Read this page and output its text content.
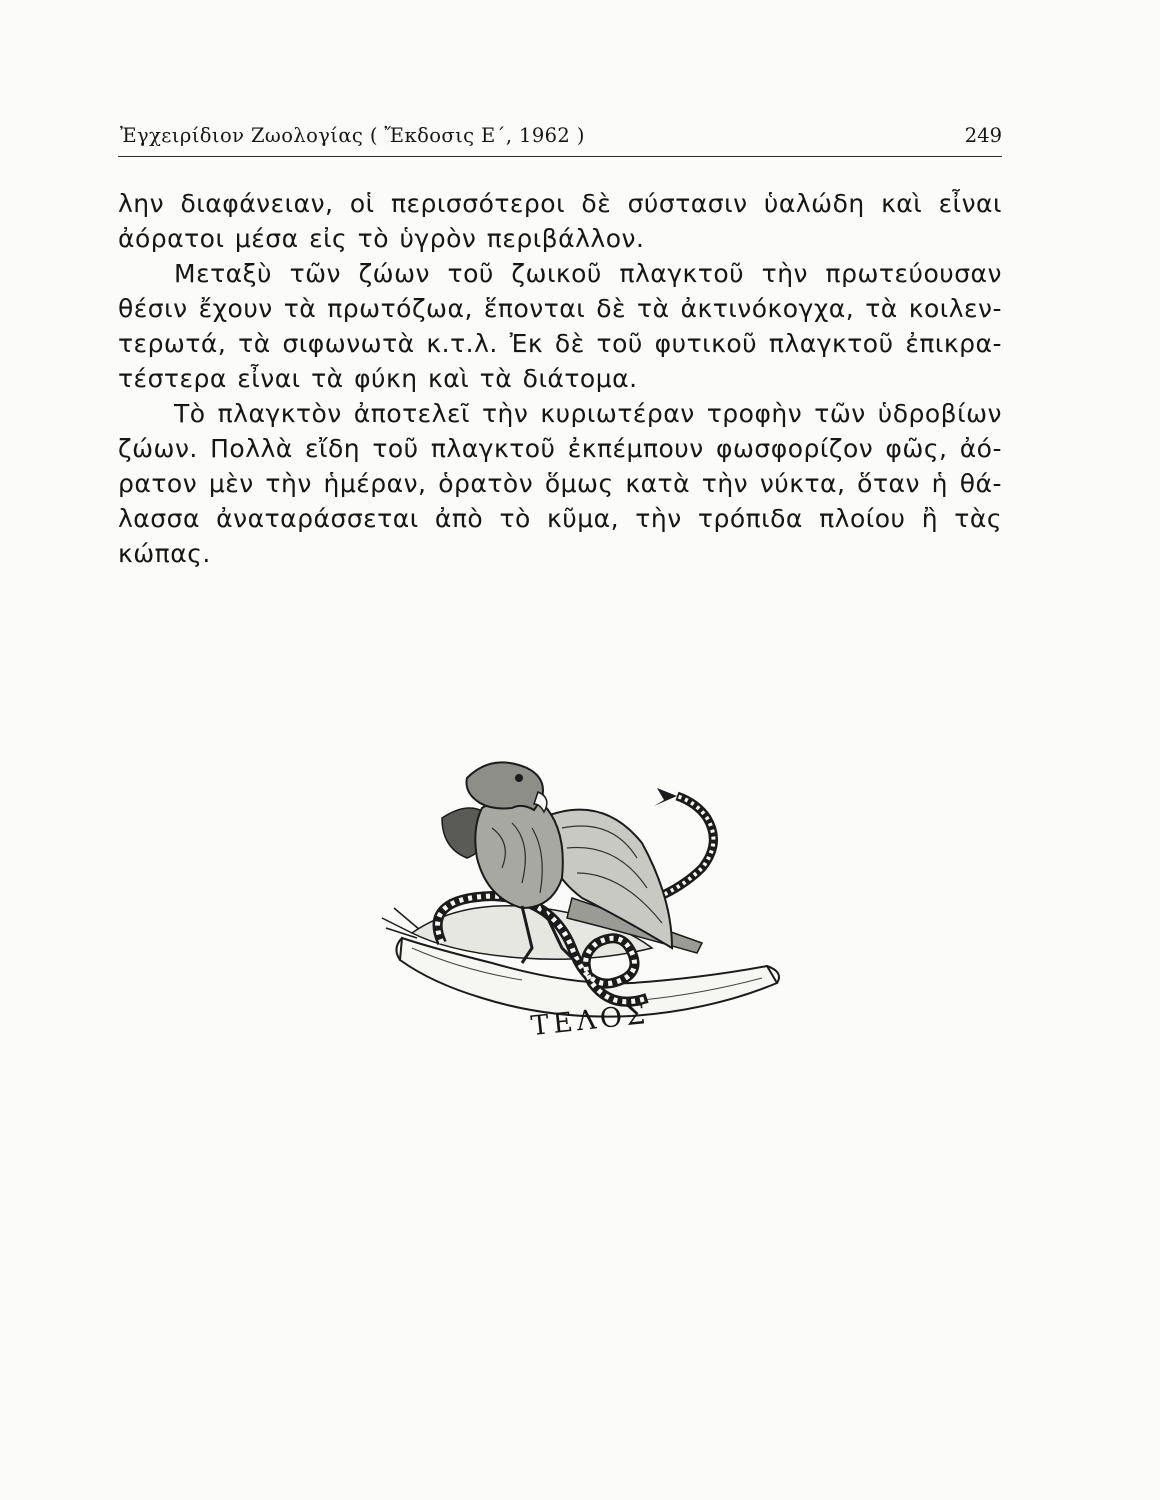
Ἐγχειρίδιον Ζωολογίας ( Ἔκδοσις Ε΄, 1962 )	249

λην διαφάνειαν, οἱ περισσότεροι δὲ σύστασιν ὑαλώδη καὶ εἶναι ἀόρατοι μέσα εἰς τὸ ὑγρὸν περιβάλλον.

Μεταξὺ τῶν ζώων τοῦ ζωικοῦ πλαγκτοῦ τὴν πρωτεύουσαν θέσιν ἔχουν τὰ πρωτόζωα, ἕπονται δὲ τὰ ἀκτινόκογχα, τὰ κοιλεν-τερωτά, τὰ σιφωνωτὰ κ.τ.λ. Ἐκ δὲ τοῦ φυτικοῦ πλαγκτοῦ ἐπικρα-τέστερα εἶναι τὰ φύκη καὶ τὰ διάτομα.

Τὸ πλαγκτὸν ἀποτελεῖ τὴν κυριωτέραν τροφὴν τῶν ὑδροβίων ζώων. Πολλὰ εἴδη τοῦ πλαγκτοῦ ἐκπέμπουν φωσφορίζον φῶς, ἀό-ρατον μὲν τὴν ἡμέραν, ὁρατὸν ὅμως κατὰ τὴν νύκτα, ὅταν ἡ θά-λασσα ἀναταράσσεται ἀπὸ τὸ κῦμα, τὴν τρόπιδα πλοίου ἢ τὰς κώπας.

ΤΕΛΟΣ
